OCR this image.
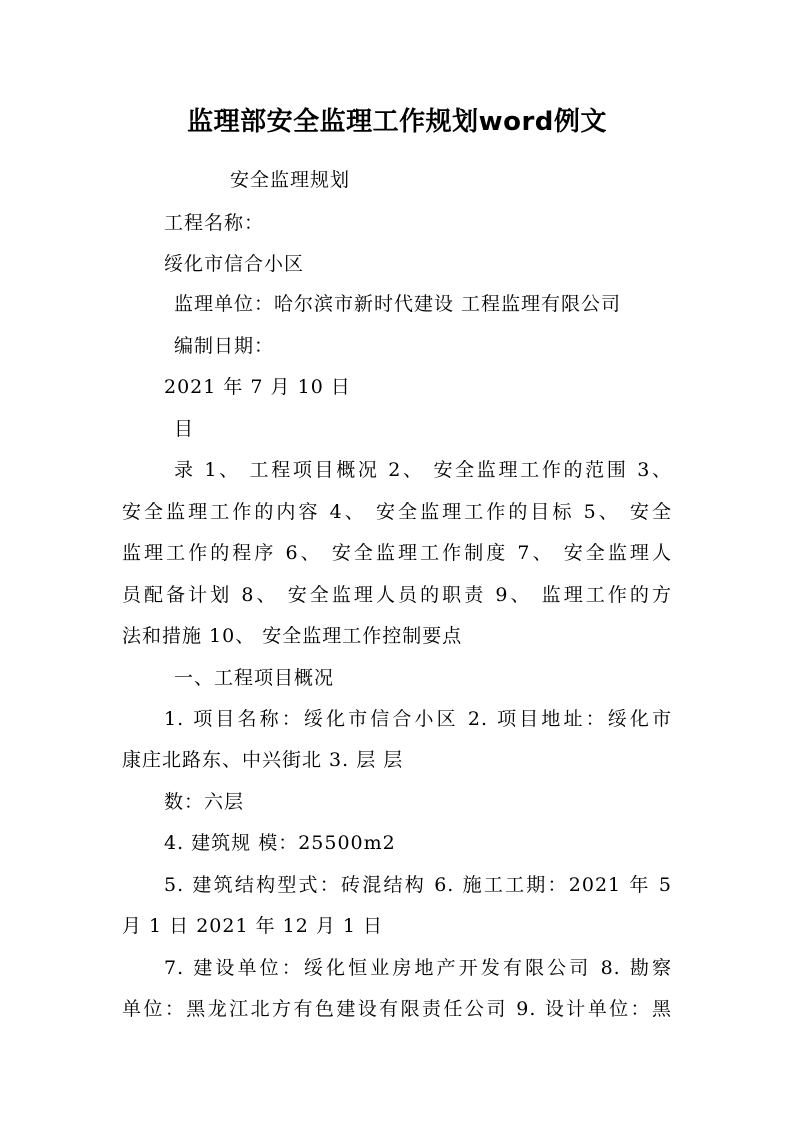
监理部安全监理工作规划word例文
安全监理规划
工程名称：
绥化市信合小区
监理单位：哈尔滨市新时代建设 工程监理有限公司
编制日期：
2021 年 7 月 10 日
目
录 1、 工程项目概况 2、 安全监理工作的范围 3、
安全监理工作的内容 4、 安全监理工作的目标 5、 安全
监理工作的程序 6、 安全监理工作制度 7、 安全监理人
员配备计划 8、 安全监理人员的职责 9、 监理工作的方
法和措施 10、 安全监理工作控制要点
一、工程项目概况
1. 项目名称：绥化市信合小区 2. 项目地址：绥化市
康庄北路东、中兴街北 3. 层 层
数：六层
4. 建筑规 模：25500m2
5. 建筑结构型式：砖混结构 6. 施工工期：2021 年 5
月 1 日 2021 年 12 月 1 日
7. 建设单位：绥化恒业房地产开发有限公司 8. 勘察
单位：黑龙江北方有色建设有限责任公司 9. 设计单位：黑
